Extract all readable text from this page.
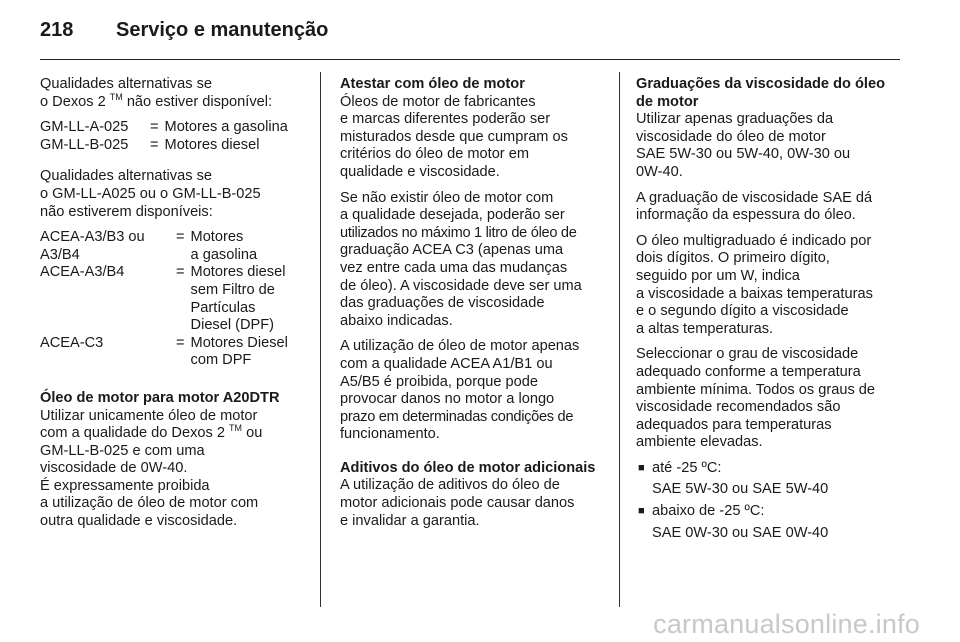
218 Serviço e manutenção

Qualidades alternativas se
o Dexos 2 ™ não estiver disponível:

GM-LL-A-025	=	Motores a gasolina
GM-LL-B-025	=	Motores diesel

Qualidades alternativas se
o GM-LL-A025 ou o GM-LL-B-025
não estiverem disponíveis:

ACEA-A3/B3 ou
A3/B4	=	Motores
a gasolina
ACEA-A3/B4	=	Motores diesel
sem Filtro de
Partículas
Diesel (DPF)
ACEA-C3	=	Motores Diesel
com DPF

Óleo de motor para motor A20DTR

Utilizar unicamente óleo de motor
com a qualidade do Dexos 2 ™ ou
GM-LL-B-025 e com uma
viscosidade de 0W-40.
É expressamente proibida
a utilização de óleo de motor com
outra qualidade e viscosidade.

Atestar com óleo de motor

Óleos de motor de fabricantes
e marcas diferentes poderão ser
misturados desde que cumpram os
critérios do óleo de motor em
qualidade e viscosidade.

Se não existir óleo de motor com
a qualidade desejada, poderão ser
utilizados no máximo 1 litro de óleo de
graduação ACEA C3 (apenas uma
vez entre cada uma das mudanças
de óleo). A viscosidade deve ser uma
das graduações de viscosidade
abaixo indicadas.

A utilização de óleo de motor apenas
com a qualidade ACEA A1/B1 ou
A5/B5 é proibida, porque pode
provocar danos no motor a longo
prazo em determinadas condições de
funcionamento.

Aditivos do óleo de motor adicionais

A utilização de aditivos do óleo de
motor adicionais pode causar danos
e invalidar a garantia.

Graduações da viscosidade do óleo
de motor

Utilizar apenas graduações da
viscosidade do óleo de motor
SAE 5W-30 ou 5W-40, 0W-30 ou
0W-40.

A graduação de viscosidade SAE dá
informação da espessura do óleo.

O óleo multigraduado é indicado por
dois dígitos. O primeiro dígito,
seguido por um W, indica
a viscosidade a baixas temperaturas
e o segundo dígito a viscosidade
a altas temperaturas.

Seleccionar o grau de viscosidade
adequado conforme a temperatura
ambiente mínima. Todos os graus de
viscosidade recomendados são
adequados para temperaturas
ambiente elevadas.

■ até -25 ºC:
SAE 5W-30 ou SAE 5W-40
■ abaixo de -25 ºC:
SAE 0W-30 ou SAE 0W-40
carmanualsonline.info
